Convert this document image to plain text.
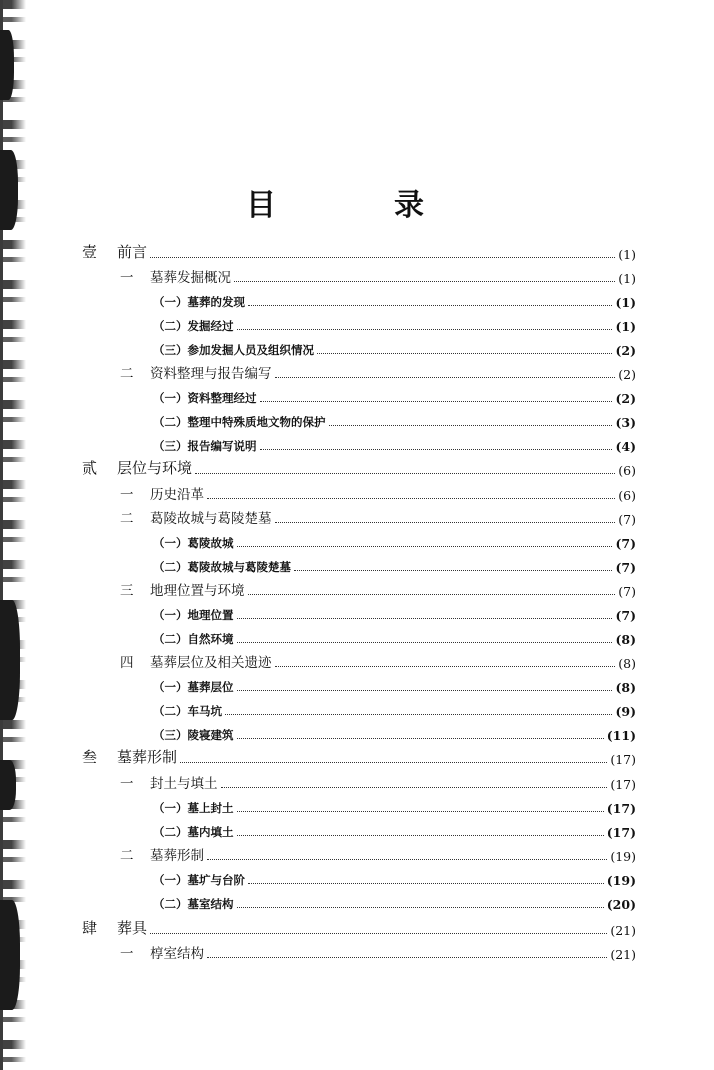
目　录
壹	前言	(1)
一	墓葬发掘概况	(1)
（一） 墓葬的发现	(1)
（二） 发掘经过	(1)
（三） 参加发掘人员及组织情况	(2)
二	资料整理与报告编写	(2)
（一） 资料整理经过	(2)
（二） 整理中特殊质地文物的保护	(3)
（三） 报告编写说明	(4)
贰	层位与环境	(6)
一	历史沿革	(6)
二	葛陵故城与葛陵楚墓	(7)
（一） 葛陵故城	(7)
（二） 葛陵故城与葛陵楚墓	(7)
三	地理位置与环境	(7)
（一） 地理位置	(7)
（二） 自然环境	(8)
四	墓葬层位及相关遗迹	(8)
（一） 墓葬层位	(8)
（二） 车马坑	(9)
（三） 陵寝建筑	(11)
叁	墓葬形制	(17)
一	封土与填土	(17)
（一） 墓上封土	(17)
（二） 墓内填土	(17)
二	墓葬形制	(19)
（一） 墓圹与台阶	(19)
（二） 墓室结构	(20)
肆	葬具	(21)
一	椁室结构	(21)
